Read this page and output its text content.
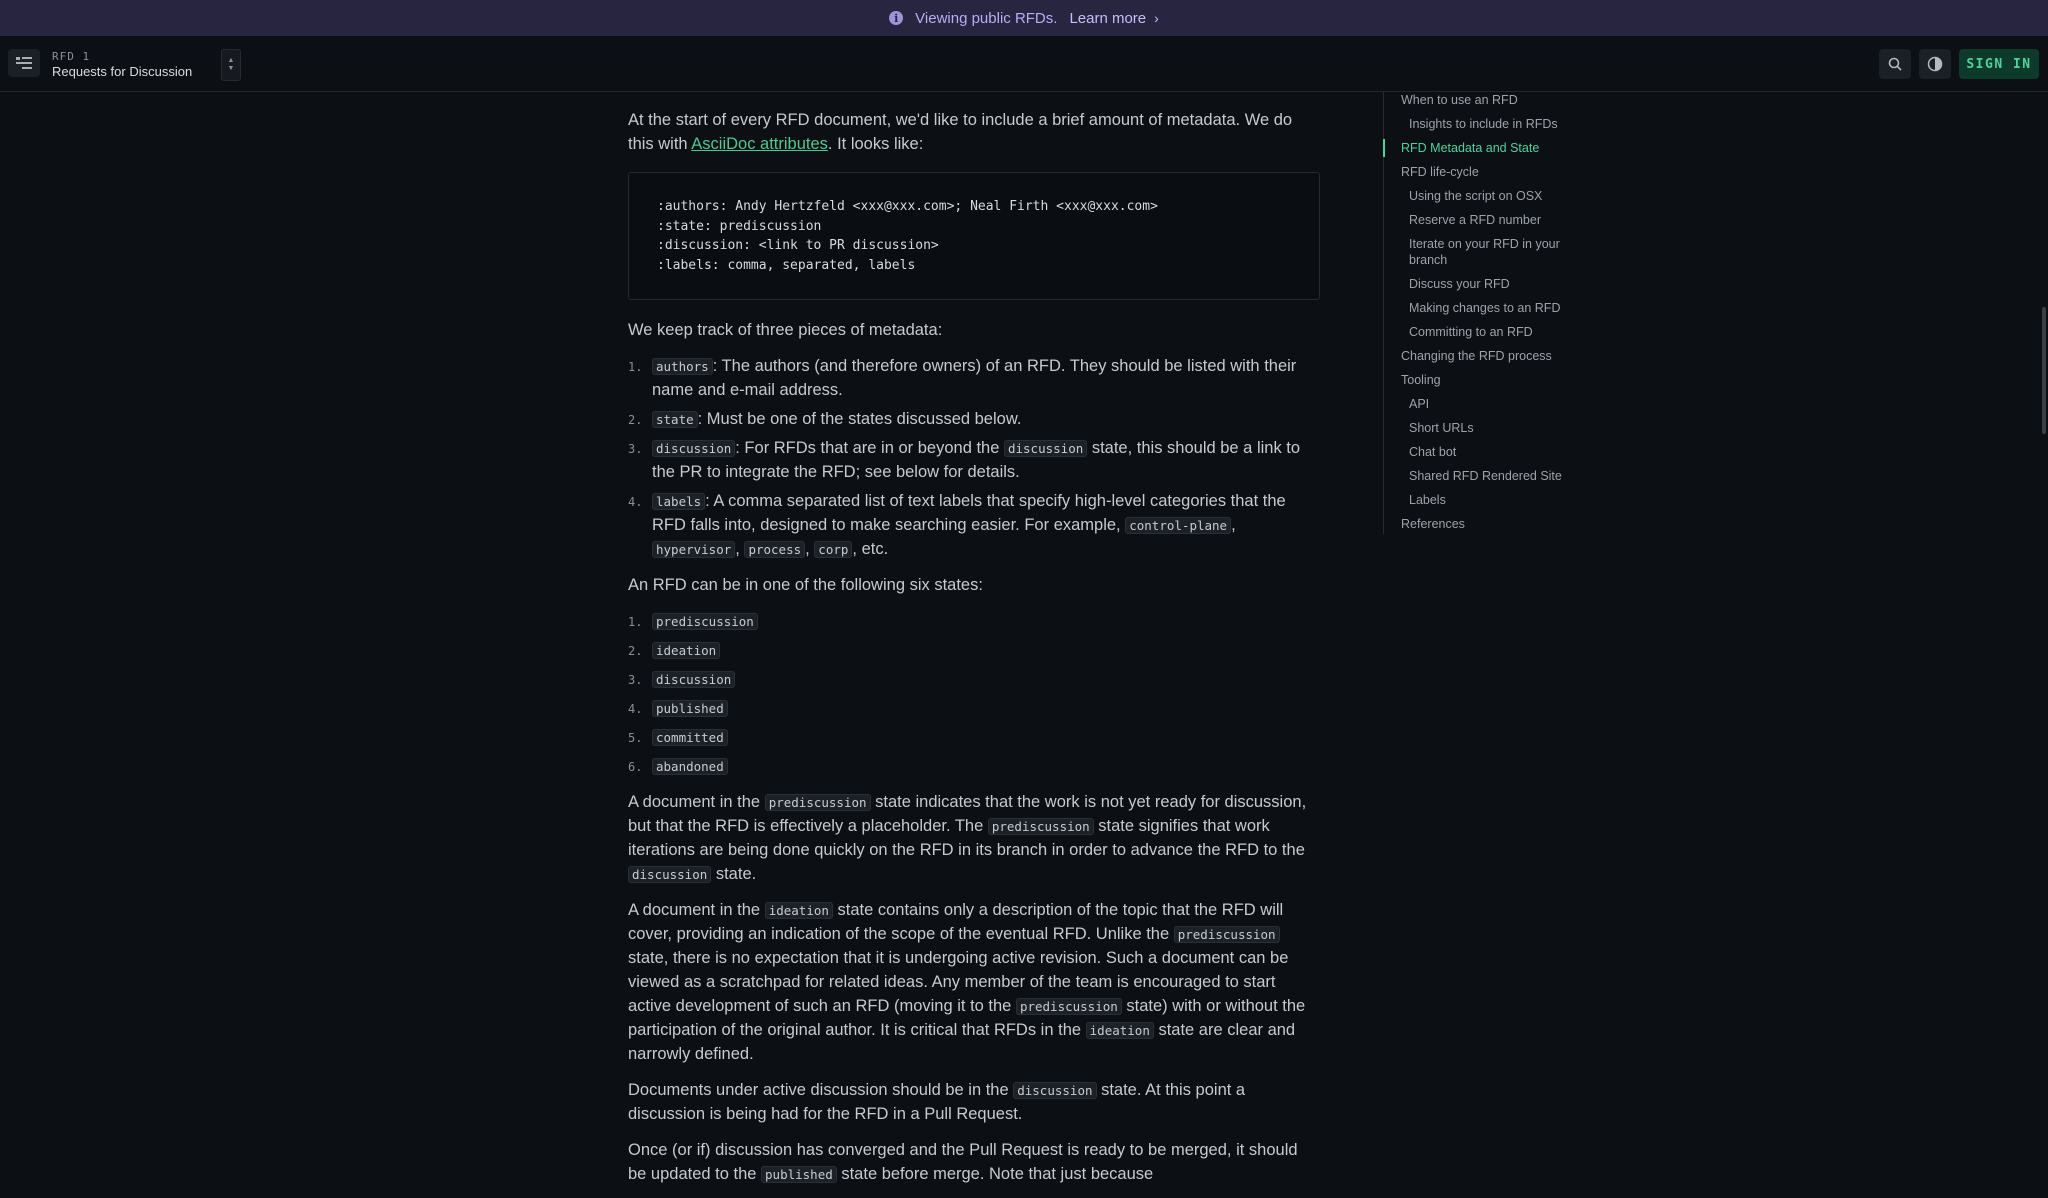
i	Viewing public RFDs. Learn more ›
RFD 1
Requests for Discussion
▲
▼	SIGN IN

At the start of every RFD document, we'd like to include a brief amount of metadata. We do this with AsciiDoc attributes. It looks like:

:authors: Andy Hertzfeld <xxx@xxx.com>; Neal Firth <xxx@xxx.com>
:state: prediscussion
:discussion: <link to PR discussion>
:labels: comma, separated, labels

We keep track of three pieces of metadata:

1. authors : The authors (and therefore owners) of an RFD. They should be listed with their name and e-mail address.
2. state : Must be one of the states discussed below.
3. discussion : For RFDs that are in or beyond the discussion state, this should be a link to the PR to integrate the RFD; see below for details.
4. labels : A comma separated list of text labels that specify high-level categories that the RFD falls into, designed to make searching easier. For example, control-plane , hypervisor , process , corp , etc.

An RFD can be in one of the following six states:

1. prediscussion
2. ideation
3. discussion
4. published
5. committed
6. abandoned

A document in the prediscussion state indicates that the work is not yet ready for discussion, but that the RFD is effectively a placeholder. The prediscussion state signifies that work iterations are being done quickly on the RFD in its branch in order to advance the RFD to the discussion state.

A document in the ideation state contains only a description of the topic that the RFD will cover, providing an indication of the scope of the eventual RFD. Unlike the prediscussion state, there is no expectation that it is undergoing active revision. Such a document can be viewed as a scratchpad for related ideas. Any member of the team is encouraged to start active development of such an RFD (moving it to the prediscussion state) with or without the participation of the original author. It is critical that RFDs in the ideation state are clear and narrowly defined.

Documents under active discussion should be in the discussion state. At this point a discussion is being had for the RFD in a Pull Request.

Once (or if) discussion has converged and the Pull Request is ready to be merged, it should be updated to the published state before merge. Note that just because

When to use an RFD
Insights to include in RFDs
RFD Metadata and State
RFD life-cycle
Using the script on OSX
Reserve a RFD number
Iterate on your RFD in your branch
Discuss your RFD
Making changes to an RFD
Committing to an RFD
Changing the RFD process
Tooling
API
Short URLs
Chat bot
Shared RFD Rendered Site
Labels
References
